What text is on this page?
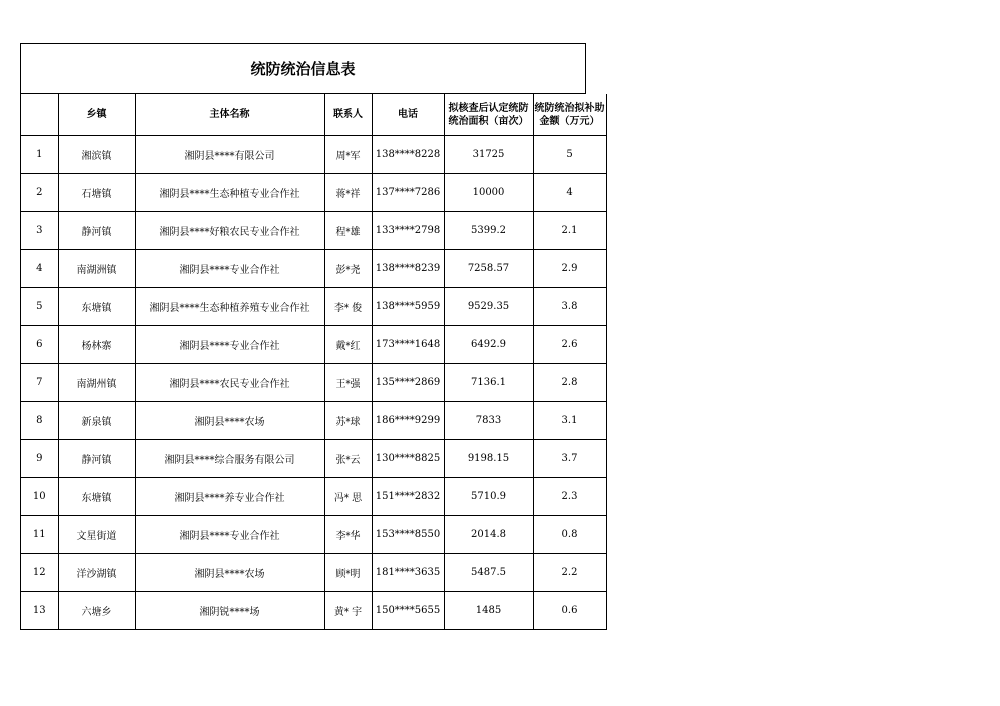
统防统治信息表
	乡镇	主体名称	联系人	电话	拟核查后认定统防统治面积（亩次）	统防统治拟补助金额（万元）
1	湘滨镇	湘阴县****有限公司	周*军	138****8228	31725	5
2	石塘镇	湘阴县****生态种植专业合作社	蒋*祥	137****7286	10000	4
3	静河镇	湘阴县****好粮农民专业合作社	程*雄	133****2798	5399.2	2.1
4	南湖洲镇	湘阴县****专业合作社	彭*尧	138****8239	7258.57	2.9
5	东塘镇	湘阴县****生态种植养殖专业合作社	李* 俊	138****5959	9529.35	3.8
6	杨林寨	湘阴县****专业合作社	戴*红	173****1648	6492.9	2.6
7	南湖州镇	湘阴县****农民专业合作社	王*强	135****2869	7136.1	2.8
8	新泉镇	湘阴县****农场	苏*球	186****9299	7833	3.1
9	静河镇	湘阴县****综合服务有限公司	张*云	130****8825	9198.15	3.7
10	东塘镇	湘阴县****养专业合作社	冯* 思	151****2832	5710.9	2.3
11	文星街道	湘阴县****专业合作社	李*华	153****8550	2014.8	0.8
12	洋沙湖镇	湘阴县****农场	顾*明	181****3635	5487.5	2.2
13	六塘乡	湘阴锐****场	黄* 宇	150****5655	1485	0.6
